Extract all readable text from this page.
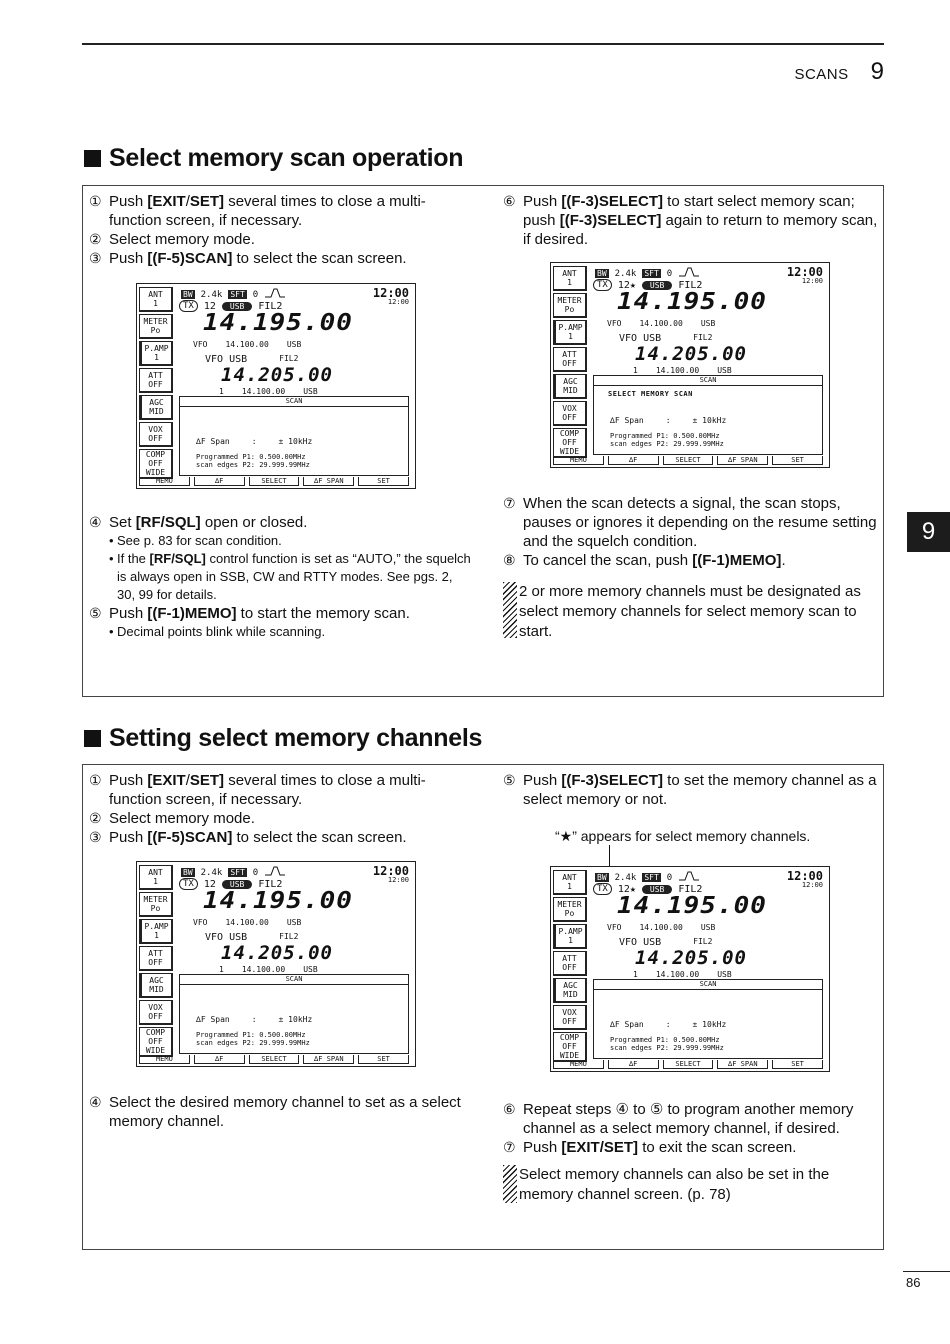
SCANS 9
9
Select memory scan operation
① Push [EXIT/SET] several times to close a multi-function screen, if necessary.
② Select memory mode.
③ Push [(F-5)SCAN] to select the scan screen.
ANT
1
METER
Po
P.AMP
1
ATT
OFF
AGC
MID
VOX
OFF
COMP
OFF
WIDE
BW 2.4k SFT 0	12:00
12:00
TX	12	USB	FIL2
14.195.00
VFO 14.100.00 USB
VFO USB	FIL2
14.205.00
1 14.100.00 USB
SCAN
∆F Span	:	± 10kHz
Programmed P1: 0.500.00MHz
scan edges P2: 29.999.99MHz
MEMO	∆F	SELECT	∆F SPAN	SET
④ Set [RF/SQL] open or closed.
• See p. 83 for scan condition.
• If the [RF/SQL] control function is set as “AUTO,” the squelch is always open in SSB, CW and RTTY modes. See pgs. 2, 30, 99 for details.
⑤ Push [(F-1)MEMO] to start the memory scan.
• Decimal points blink while scanning.
⑥ Push [(F-3)SELECT] to start select memory scan; push [(F-3)SELECT] again to return to memory scan, if desired.
ANT
1
METER
Po
P.AMP
1
ATT
OFF
AGC
MID
VOX
OFF
COMP
OFF
WIDE
BW 2.4k SFT 0	12:00
12:00
TX	12★	USB	FIL2
14.195.00
VFO 14.100.00 USB
VFO USB	FIL2
14.205.00
1 14.100.00 USB
SCAN
SELECT MEMORY SCAN
∆F Span	:	± 10kHz
Programmed P1: 0.500.00MHz
scan edges P2: 29.999.99MHz
MEMO	∆F	SELECT	∆F SPAN	SET
⑦ When the scan detects a signal, the scan stops, pauses or ignores it depending on the resume setting and the squelch condition.
⑧ To cancel the scan, push [(F-1)MEMO].
2 or more memory channels must be designated as select memory channels for select memory scan to start.
Setting select memory channels
① Push [EXIT/SET] several times to close a multi-function screen, if necessary.
② Select memory mode.
③ Push [(F-5)SCAN] to select the scan screen.
ANT
1
METER
Po
P.AMP
1
ATT
OFF
AGC
MID
VOX
OFF
COMP
OFF
WIDE
BW 2.4k SFT 0	12:00
12:00
TX	12	USB	FIL2
14.195.00
VFO 14.100.00 USB
VFO USB	FIL2
14.205.00
1 14.100.00 USB
SCAN
∆F Span	:	± 10kHz
Programmed P1: 0.500.00MHz
scan edges P2: 29.999.99MHz
MEMO	∆F	SELECT	∆F SPAN	SET
④ Select the desired memory channel to set as a select memory channel.
⑤ Push [(F-3)SELECT] to set the memory channel as a select memory or not.
“★” appears for select memory channels.
ANT
1
METER
Po
P.AMP
1
ATT
OFF
AGC
MID
VOX
OFF
COMP
OFF
WIDE
BW 2.4k SFT 0	12:00
12:00
TX	12★	USB	FIL2
14.195.00
VFO 14.100.00 USB
VFO USB	FIL2
14.205.00
1 14.100.00 USB
SCAN
∆F Span	:	± 10kHz
Programmed P1: 0.500.00MHz
scan edges P2: 29.999.99MHz
MEMO	∆F	SELECT	∆F SPAN	SET
⑥ Repeat steps ④ to ⑤ to program another memory channel as a select memory channel, if desired.
⑦ Push [EXIT/SET] to exit the scan screen.
Select memory channels can also be set in the memory channel screen. (p. 78)
86
